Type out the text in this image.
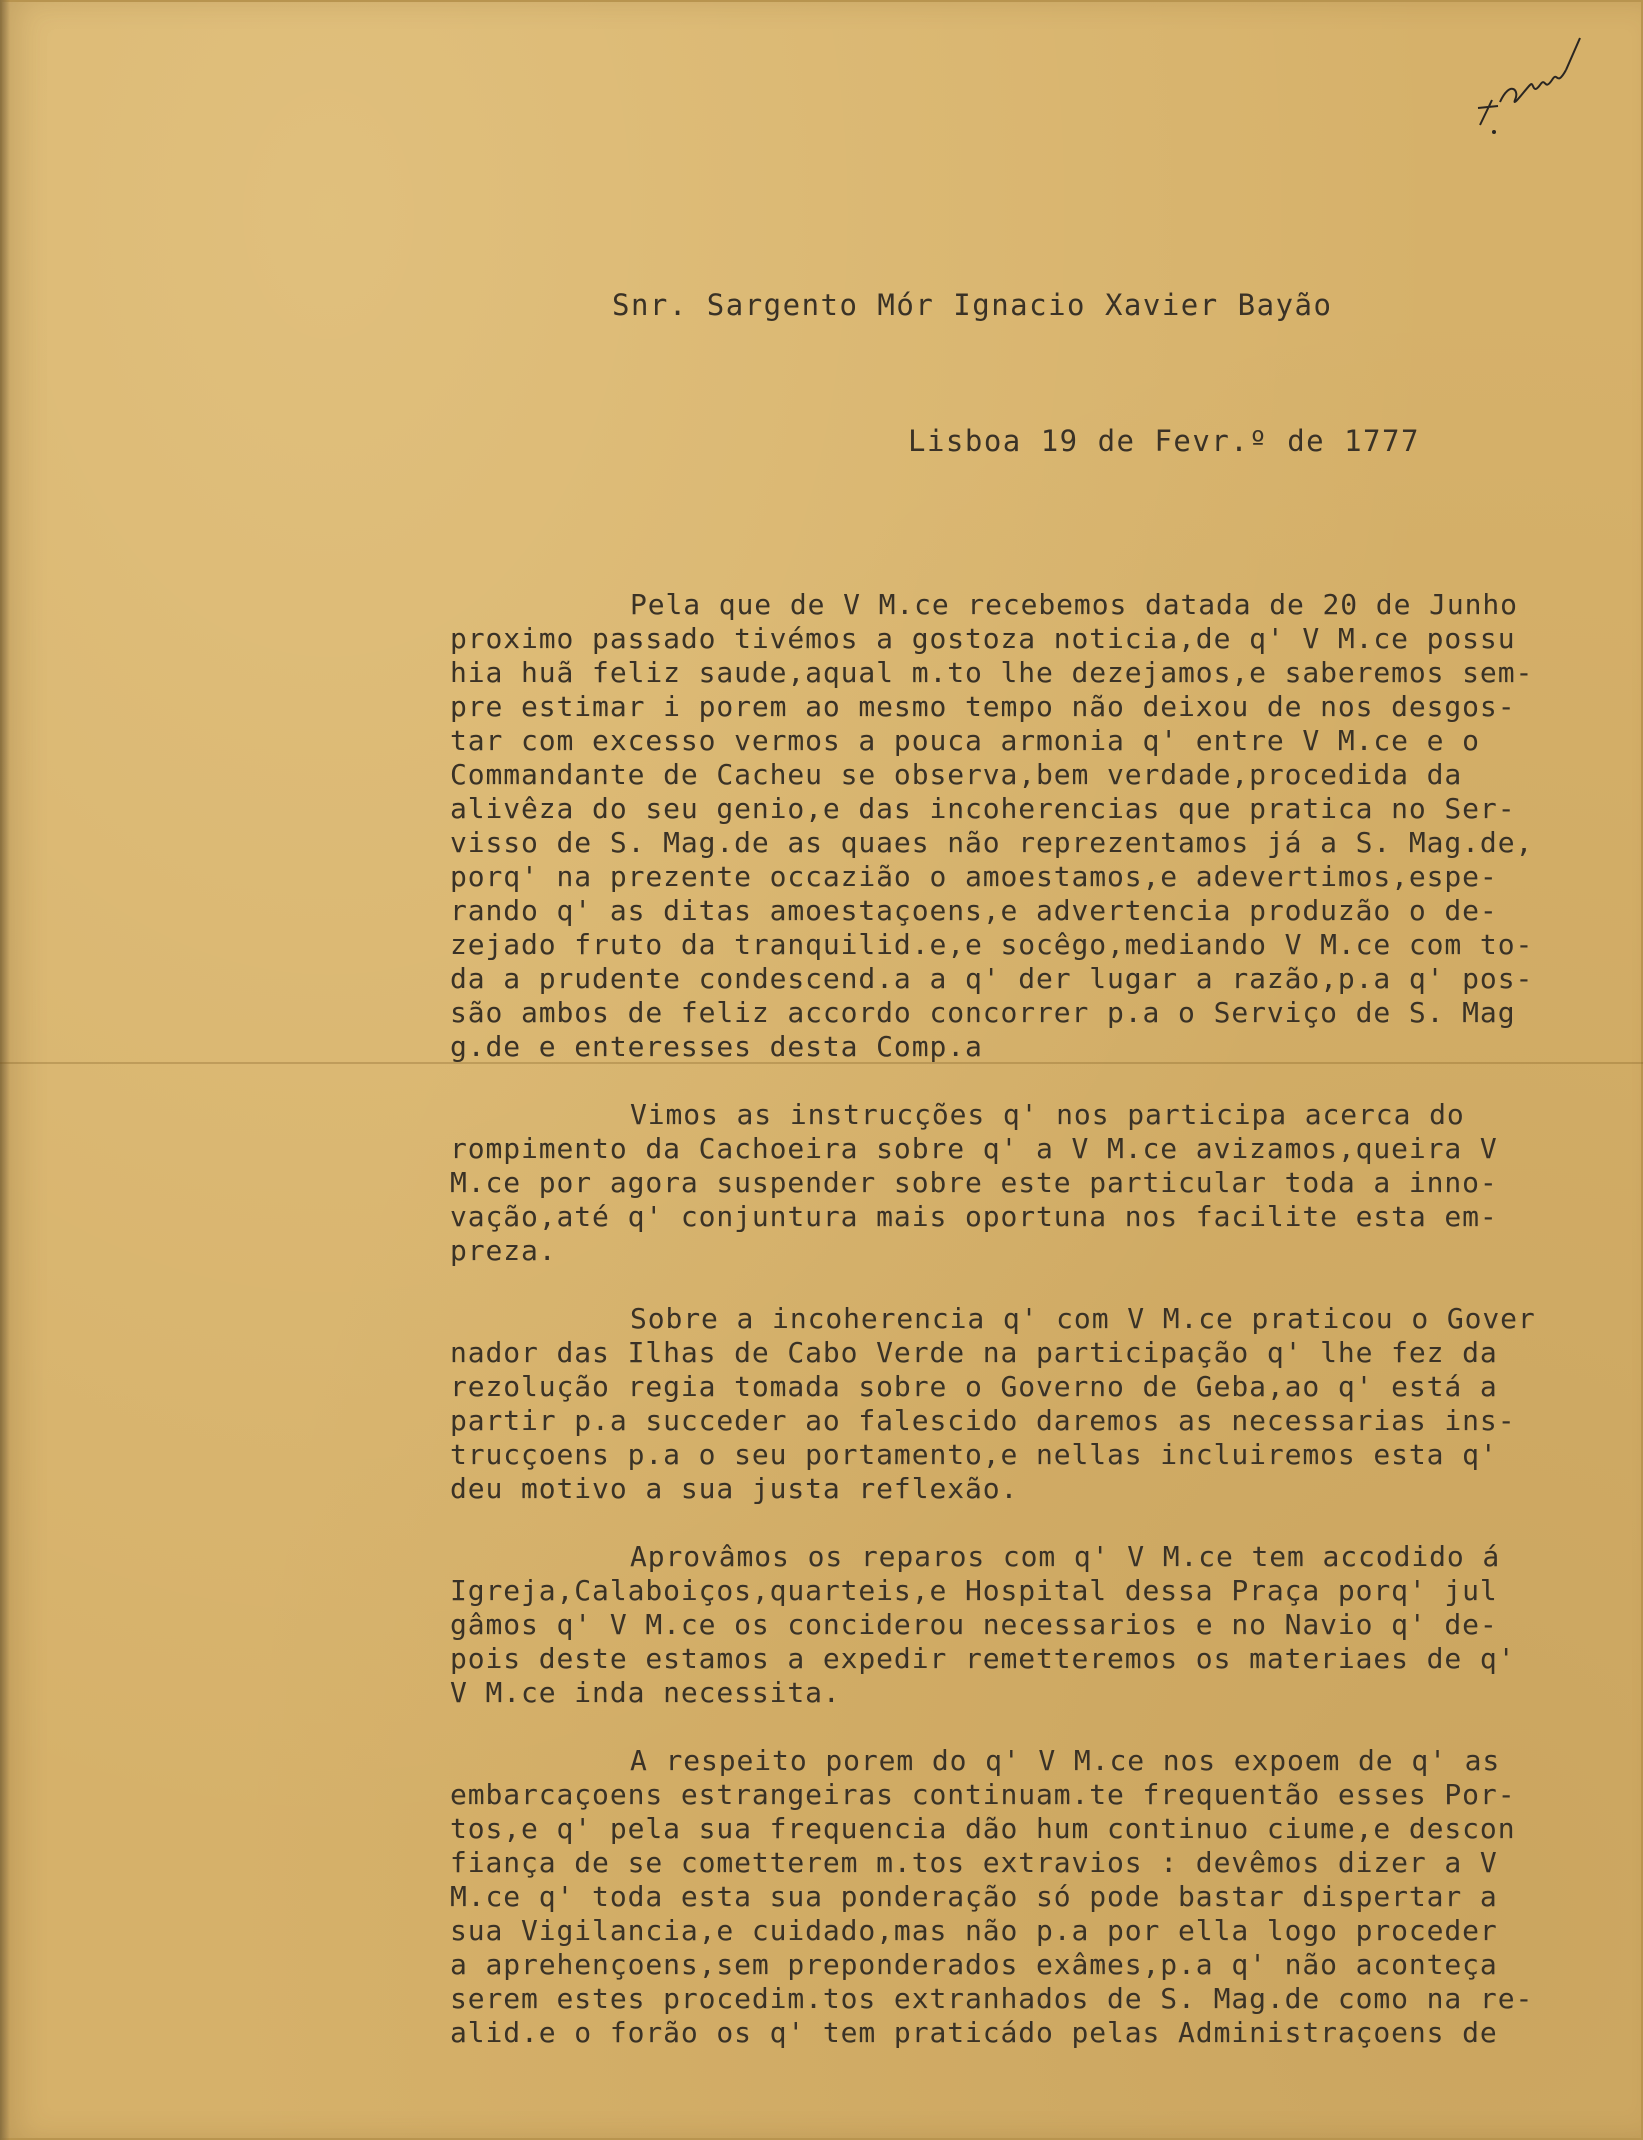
Snr. Sargento Mór Ignacio Xavier Bayão
Lisboa 19 de Fevr.º de 1777
Pela que de V M.ce recebemos datada de 20 de Junho
proximo passado tivémos a gostoza noticia,de q' V M.ce possu
hia huã feliz saude,aqual m.to lhe dezejamos,e saberemos sem-
pre estimar i porem ao mesmo tempo não deixou de nos desgos-
tar com excesso vermos a pouca armonia q' entre V M.ce e o
Commandante de Cacheu se observa,bem verdade,procedida da
alivêza do seu genio,e das incoherencias que pratica no Ser-
visso de S. Mag.de as quaes não reprezentamos já a S. Mag.de,
porq' na prezente occazião o amoestamos,e adevertimos,espe-
rando q' as ditas amoestaçoens,e advertencia produzão o de-
zejado fruto da tranquilid.e,e socêgo,mediando V M.ce com to-
da a prudente condescend.a a q' der lugar a razão,p.a q' pos-
são ambos de feliz accordo concorrer p.a o Serviço de S. Mag
g.de e enteresses desta Comp.a
Vimos as instrucções q' nos participa acerca do
rompimento da Cachoeira sobre q' a V M.ce avizamos,queira V
M.ce por agora suspender sobre este particular toda a inno-
vação,até q' conjuntura mais oportuna nos facilite esta em-
preza.
Sobre a incoherencia q' com V M.ce praticou o Gover
nador das Ilhas de Cabo Verde na participação q' lhe fez da
rezolução regia tomada sobre o Governo de Geba,ao q' está a
partir p.a succeder ao falescido daremos as necessarias ins-
trucçoens p.a o seu portamento,e nellas incluiremos esta q'
deu motivo a sua justa reflexão.
Aprovâmos os reparos com q' V M.ce tem accodido á
Igreja,Calaboiços,quarteis,e Hospital dessa Praça porq' jul
gâmos q' V M.ce os conciderou necessarios e no Navio q' de-
pois deste estamos a expedir remetteremos os materiaes de q'
V M.ce inda necessita.
A respeito porem do q' V M.ce nos expoem de q' as
embarcaçoens estrangeiras continuam.te frequentão esses Por-
tos,e q' pela sua frequencia dão hum continuo ciume,e descon
fiança de se cometterem m.tos extravios : devêmos dizer a V
M.ce q' toda esta sua ponderação só pode bastar dispertar a
sua Vigilancia,e cuidado,mas não p.a por ella logo proceder
a aprehençoens,sem preponderados exâmes,p.a q' não aconteça
serem estes procedim.tos extranhados de S. Mag.de como na re-
alid.e o forão os q' tem praticádo pelas Administraçoens de
